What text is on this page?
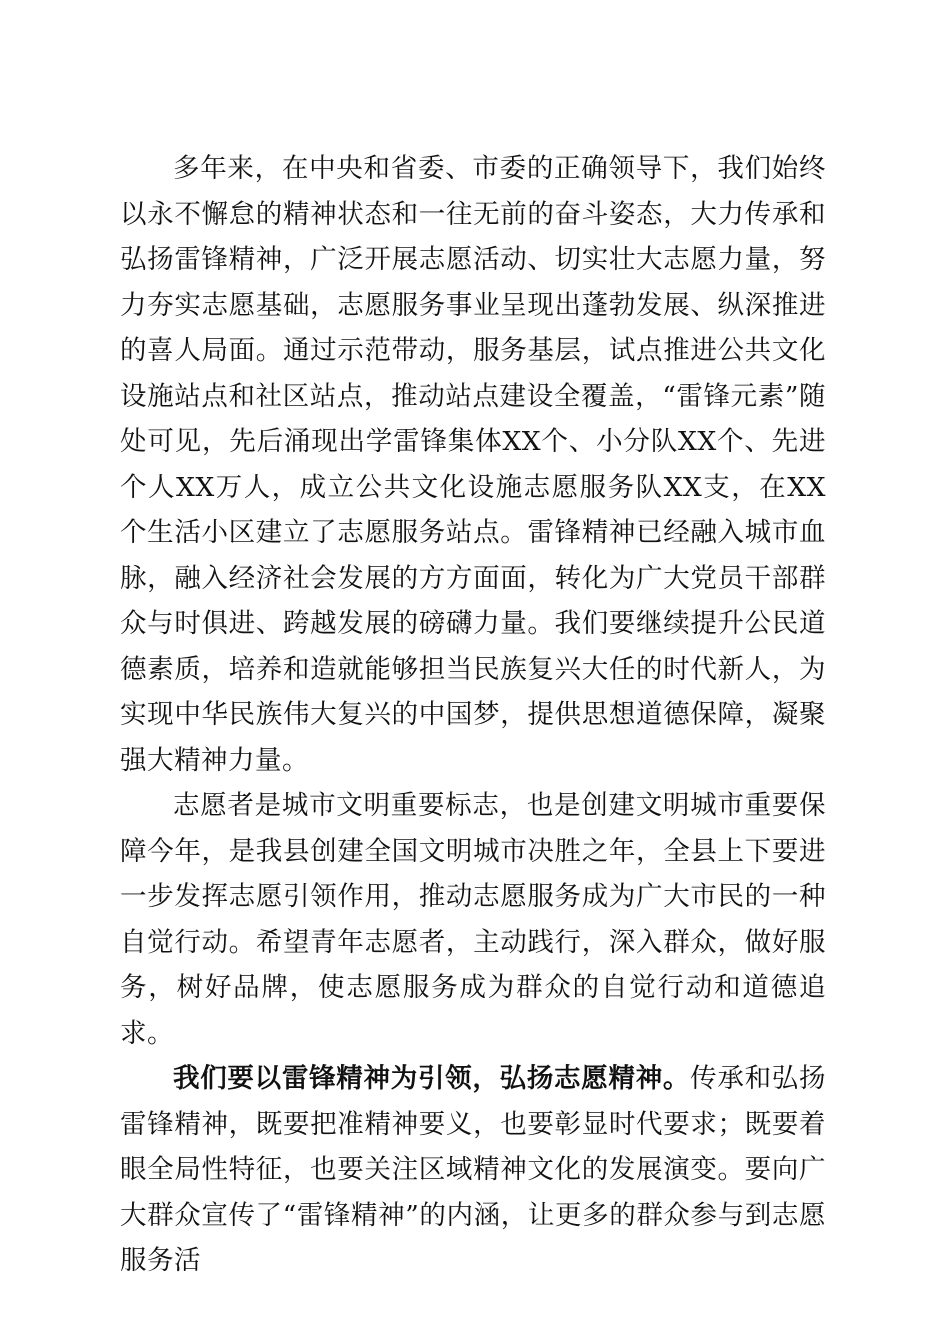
多年来，在中央和省委、市委的正确领导下，我们始终以永不懈怠的精神状态和一往无前的奋斗姿态，大力传承和弘扬雷锋精神，广泛开展志愿活动、切实壮大志愿力量，努力夯实志愿基础，志愿服务事业呈现出蓬勃发展、纵深推进的喜人局面。通过示范带动，服务基层，试点推进公共文化设施站点和社区站点，推动站点建设全覆盖，“雷锋元素”随处可见，先后涌现出学雷锋集体XX个、小分队XX个、先进个人XX万人，成立公共文化设施志愿服务队XX支，在XX个生活小区建立了志愿服务站点。雷锋精神已经融入城市血脉，融入经济社会发展的方方面面，转化为广大党员干部群众与时俱进、跨越发展的磅礴力量。我们要继续提升公民道德素质，培养和造就能够担当民族复兴大任的时代新人，为实现中华民族伟大复兴的中国梦，提供思想道德保障，凝聚强大精神力量。

志愿者是城市文明重要标志，也是创建文明城市重要保障今年，是我县创建全国文明城市决胜之年，全县上下要进一步发挥志愿引领作用，推动志愿服务成为广大市民的一种自觉行动。希望青年志愿者，主动践行，深入群众，做好服务，树好品牌，使志愿服务成为群众的自觉行动和道德追求。

我们要以雷锋精神为引领，弘扬志愿精神。传承和弘扬雷锋精神，既要把准精神要义，也要彰显时代要求；既要着眼全局性特征，也要关注区域精神文化的发展演变。要向广大群众宣传了“雷锋精神”的内涵，让更多的群众参与到志愿服务活
